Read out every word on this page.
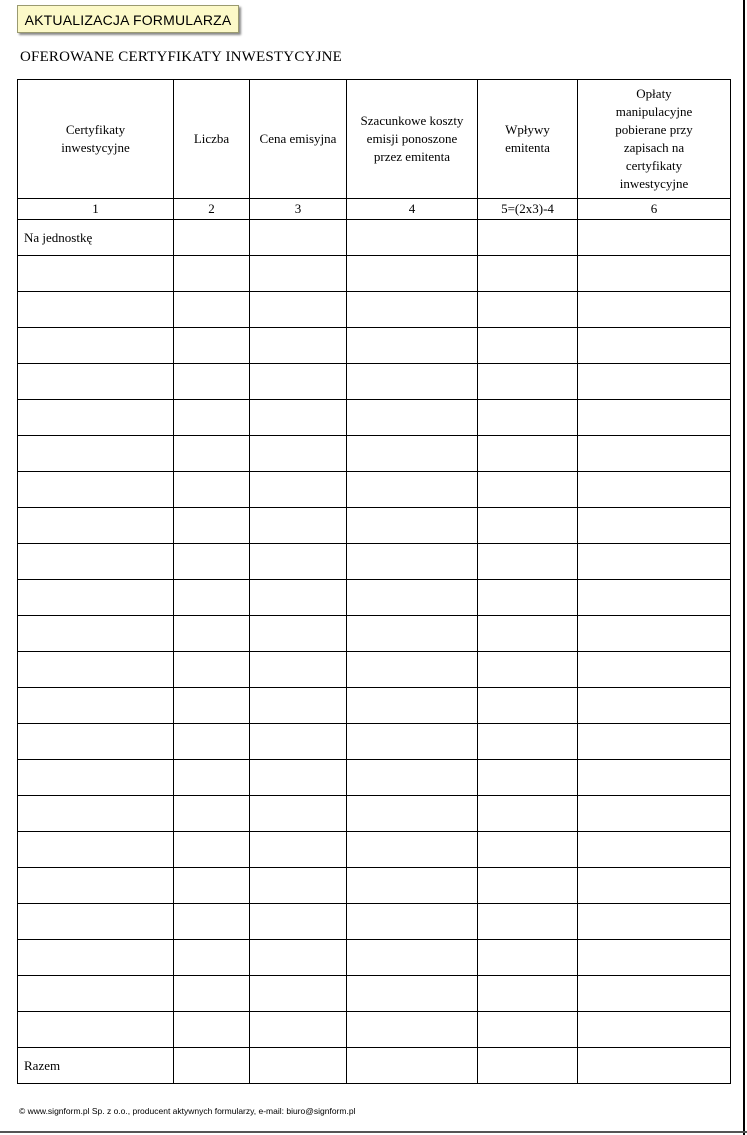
AKTUALIZACJA FORMULARZA
OFEROWANE CERTYFIKATY INWESTYCYJNE
Certyfikaty inwestycyjne	Liczba	Cena emisyjna	Szacunkowe koszty emisji ponoszone przez emitenta	Wpływy emitenta	Opłaty manipulacyjne pobierane przy zapisach na certyfikaty inwestycyjne

1	2	3	4	5=(2x3)-4	6
Na jednostkę					

Razem					
© www.signform.pl Sp. z o.o., producent aktywnych formularzy, e-mail: biuro@signform.pl
